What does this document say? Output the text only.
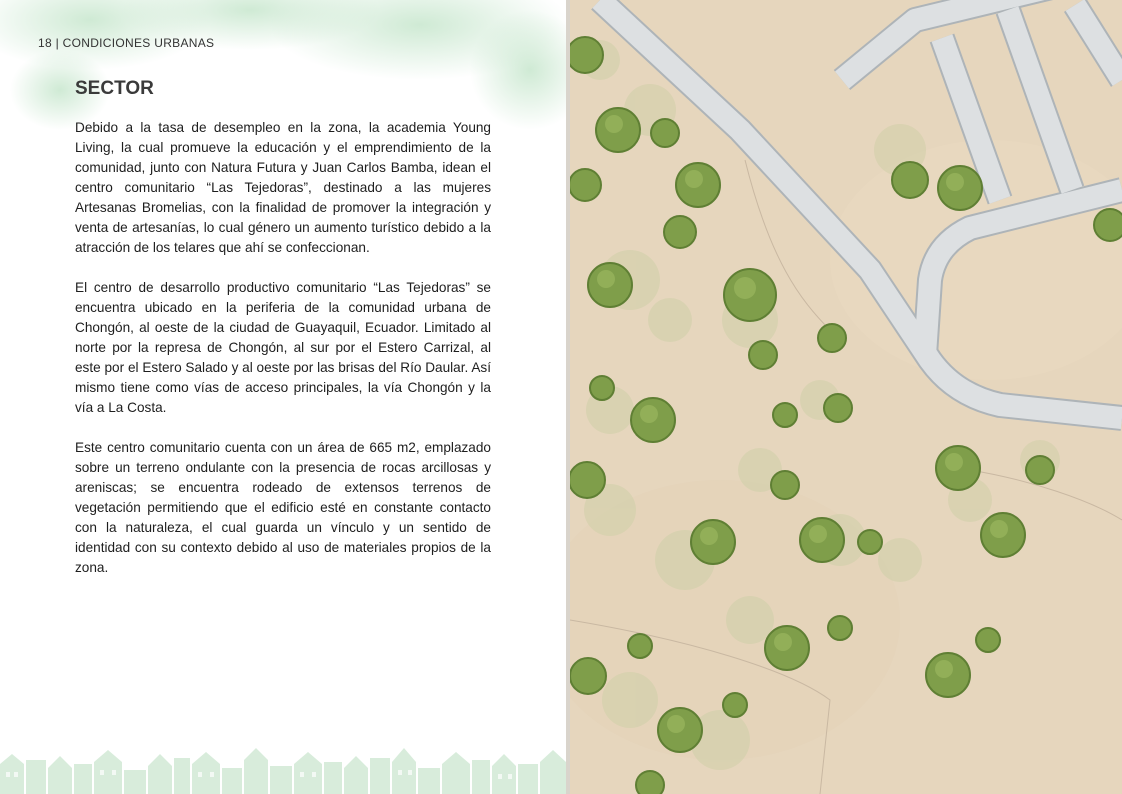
18 | CONDICIONES URBANAS
SECTOR

Debido a la tasa de desempleo en la zona, la academia Young Living, la cual promueve la educación y el emprendimiento de la comunidad, junto con Natura Futura y Juan Carlos Bamba, idean el centro comunitario “Las Tejedoras”, destinado a las mujeres Artesanas Bromelias, con la finalidad de promover la integración y venta de artesanías, lo cual género un aumento turístico debido a la atracción de los telares que ahí se confeccionan.

El centro de desarrollo productivo comunitario “Las Tejedoras” se encuentra ubicado en la periferia de la comunidad urbana de Chongón, al oeste de la ciudad de Guayaquil, Ecuador. Limitado al norte por la represa de Chongón, al sur por el Estero Carrizal, al este por el Estero Salado y al oeste por las brisas del Río Daular. Así mismo tiene como vías de acceso principales, la vía Chongón y la vía a La Costa.

Este centro comunitario cuenta con un área de 665 m2, emplazado sobre un terreno ondulante con la presencia de rocas arcillosas y areniscas; se encuentra rodeado de extensos terrenos de vegetación permitiendo que el edificio esté en constante contacto con la naturaleza, el cual guarda un vínculo y un sentido de identidad con su contexto debido al uso de materiales propios de la zona.
